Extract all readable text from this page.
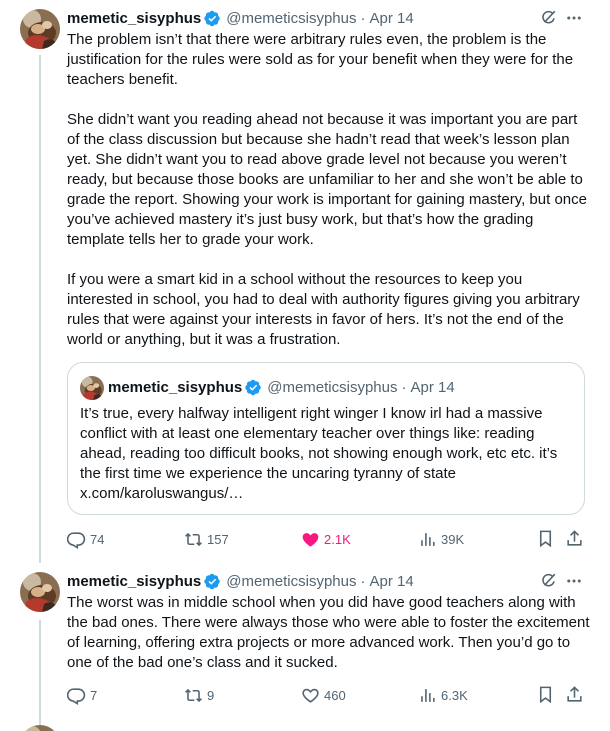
memetic_sisyphus @memeticsisyphus · Apr 14

The problem isn’t that there were arbitrary rules even, the problem is the justification for the rules were sold as for your benefit when they were for the teachers benefit.

She didn’t want you reading ahead not because it was important you are part of the class discussion but because she hadn’t read that week’s lesson plan yet. She didn’t want you to read above grade level not because you weren’t ready, but because those books are unfamiliar to her and she won’t be able to grade the report. Showing your work is important for gaining mastery, but once you’ve achieved mastery it’s just busy work, but that’s how the grading template tells her to grade your work.

If you were a smart kid in a school without the resources to keep you interested in school, you had to deal with authority figures giving you arbitrary rules that were against your interests in favor of hers. It’s not the end of the world or anything, but it was a frustration.

memetic_sisyphus @memeticsisyphus · Apr 14
It’s true, every halfway intelligent right winger I know irl had a massive conflict with at least one elementary teacher over things like: reading ahead, reading too difficult books, not showing enough work, etc etc. it’s the first time we experience the uncaring tyranny of state x.com/karoluswangus/…
74	157	2.1K	39K
memetic_sisyphus @memeticsisyphus · Apr 14

The worst was in middle school when you did have good teachers along with the bad ones. There were always those who were able to foster the excitement of learning, offering extra projects or more advanced work. Then you’d go to one of the bad one’s class and it sucked.

7	9	460	6.3K
